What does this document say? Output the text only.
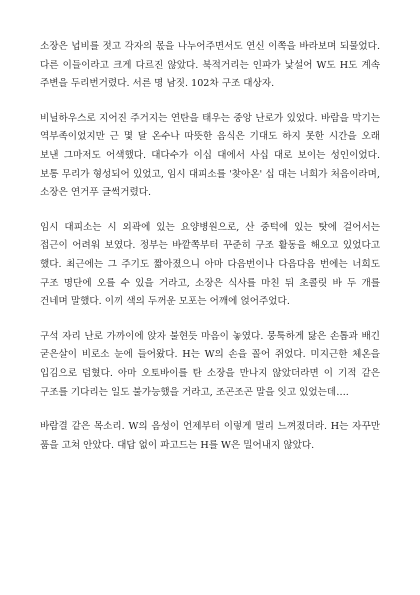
소장은 넙비를 젓고 각자의 몫을 나누어주면서도 연신 이쪽을 바라보며 되물었다. 다른 이들이라고 크게 다르진 않았다. 북적거리는 인파가 낯설어 W도 H도 계속 주변을 두리번거렸다. 서른 명 남짓. 102차 구조 대상자.

비닐하우스로 지어진 주거지는 연탄을 태우는 중앙 난로가 있었다. 바람을 막기는 역부족이었지만 근 몇 달 온수나 따뜻한 음식은 기대도 하지 못한 시간을 오래 보낸 그마저도 어색했다. 대다수가 이십 대에서 사십 대로 보이는 성인이었다. 보통 무리가 형성되어 있었고, 임시 대피소를 '찾아온' 십 대는 너희가 처음이라며, 소장은 연거푸 글썩거렸다.

임시 대피소는 시 외곽에 있는 요양병원으로, 산 중턱에 있는 탓에 걸어서는 접근이 어려워 보였다. 정부는 바깥쪽부터 꾸준히 구조 활동을 해오고 있었다고 했다. 최근에는 그 주기도 짧아졌으니 아마 다음번이나 다음다음 번에는 너희도 구조 명단에 오를 수 있을 거라고, 소장은 식사를 마친 뒤 초콜릿 바 두 개를 건네며 말했다. 이끼 색의 두꺼운 모포는 어깨에 얹어주었다.

구석 자리 난로 가까이에 앉자 불현듯 마음이 놓였다. 뭉툭하게 닳은 손톱과 배긴 굳은살이 비로소 눈에 들어왔다. H는 W의 손을 꼴어 쥐었다. 미지근한 체온을 입김으로 덥혔다. 아마 오토바이를 탄 소장을 만나지 않았더라면 이 기적 같은 구조를 기다리는 일도 불가능했을 거라고, 조곤조곤 말을 잇고 있었는데….

바람결 같은 목소리. W의 음성이 언제부터 이렇게 멀리 느껴졌더라. H는 자꾸만 품을 고쳐 안았다. 대답 없이 파고드는 H를 W은 밀어내지 않았다.
